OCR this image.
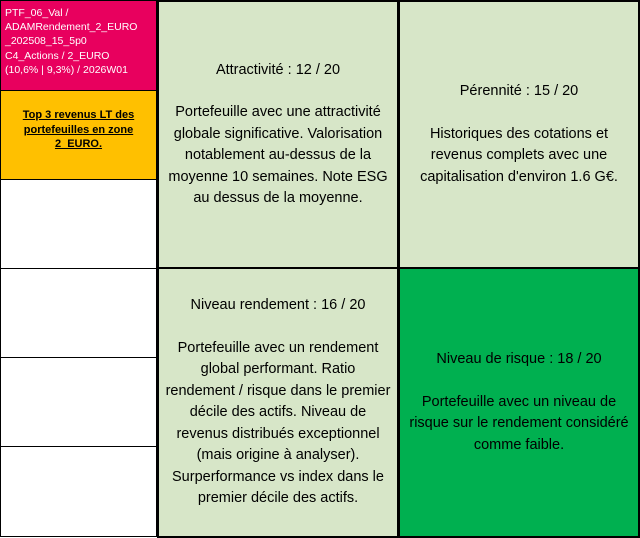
PTF_06_Val /
ADAMRendement_2_EURO
_202508_15_5p0
C4_Actions / 2_EURO
(10,6% | 9,3%) / 2026W01
Top 3 revenus LT des portefeuilles en zone 2_EURO.
Attractivité : 12 / 20
Portefeuille avec une attractivité globale significative. Valorisation notablement au-dessus de la moyenne 10 semaines. Note ESG au dessus de la moyenne.
Pérennité : 15 / 20
Historiques des cotations et revenus complets avec une capitalisation d'environ 1.6 G€.
Niveau rendement : 16 / 20
Portefeuille avec un rendement global performant. Ratio rendement / risque dans le premier décile des actifs. Niveau de revenus distribués exceptionnel (mais origine à analyser). Surperformance vs index dans le premier décile des actifs.
Niveau de risque : 18 / 20
Portefeuille avec un niveau de risque sur le rendement considéré comme faible.
